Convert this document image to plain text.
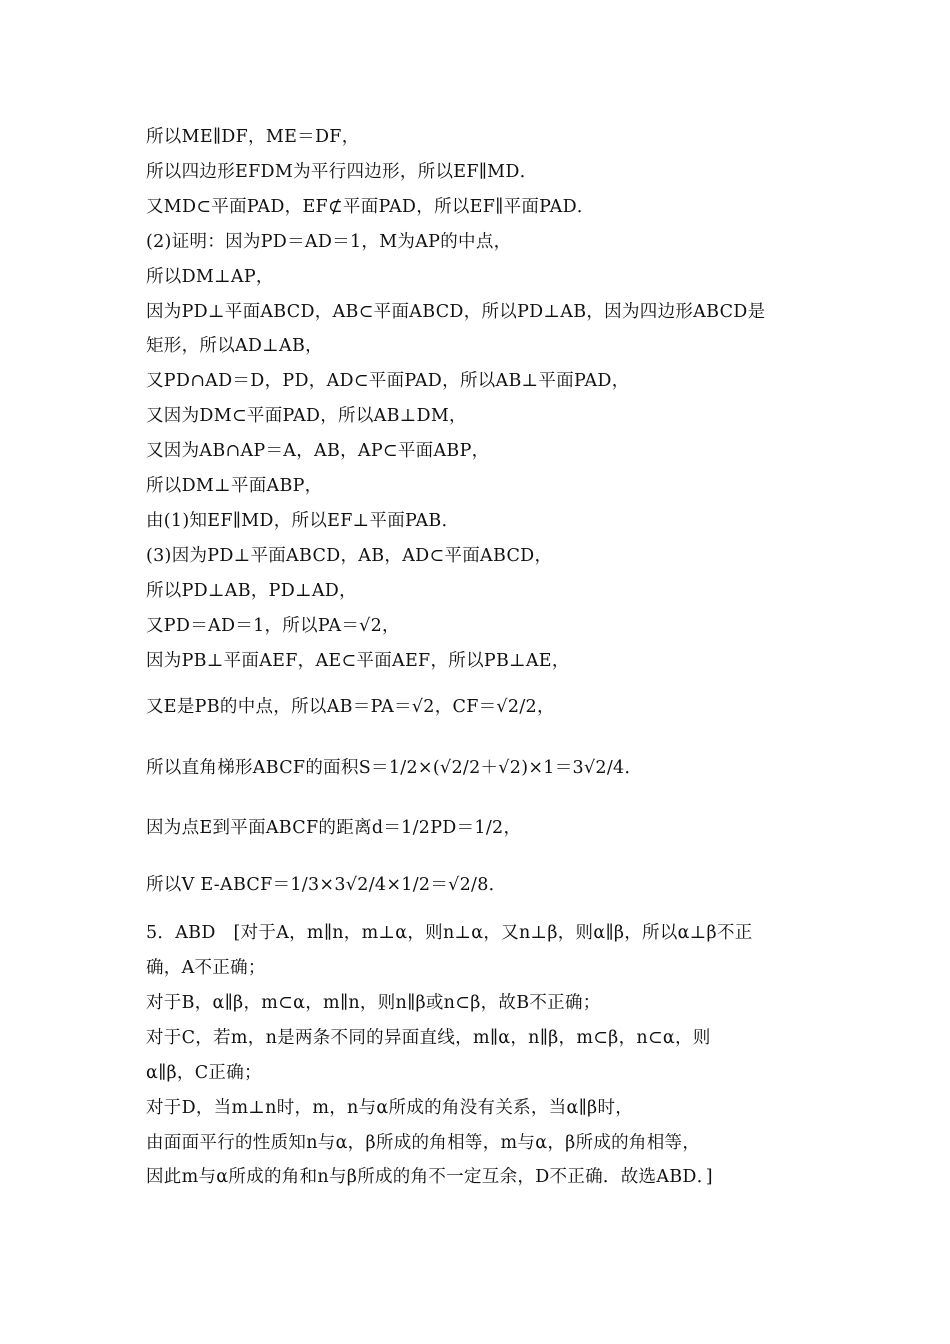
所以ME∥DF，ME＝DF，
所以四边形EFDM为平行四边形，所以EF∥MD．
又MD⊂平面PAD，EF⊄平面PAD，所以EF∥平面PAD．
(2)证明：因为PD＝AD＝1，M为AP的中点，
所以DM⊥AP，
因为PD⊥平面ABCD，AB⊂平面ABCD，所以PD⊥AB，因为四边形ABCD是
矩形，所以AD⊥AB，
又PD∩AD＝D，PD，AD⊂平面PAD，所以AB⊥平面PAD，
又因为DM⊂平面PAD，所以AB⊥DM，
又因为AB∩AP＝A，AB，AP⊂平面ABP，
所以DM⊥平面ABP，
由(1)知EF∥MD，所以EF⊥平面PAB．
(3)因为PD⊥平面ABCD，AB，AD⊂平面ABCD，
所以PD⊥AB，PD⊥AD，
又PD＝AD＝1，所以PA＝√2，
因为PB⊥平面AEF，AE⊂平面AEF，所以PB⊥AE，
又E是PB的中点，所以AB＝PA＝√2，CF＝√2/2，
所以直角梯形ABCF的面积S＝1/2×(√2/2＋√2)×1＝3√2/4．
因为点E到平面ABCF的距离d＝1/2PD＝1/2，
所以V E-ABCF＝1/3×3√2/4×1/2＝√2/8．
5．ABD　[对于A，m∥n，m⊥α，则n⊥α，又n⊥β，则α∥β，所以α⊥β不正
确，A不正确；
对于B，α∥β，m⊂α，m∥n，则n∥β或n⊂β，故B不正确；
对于C，若m，n是两条不同的异面直线，m∥α，n∥β，m⊂β，n⊂α，则
α∥β，C正确；
对于D，当m⊥n时，m，n与α所成的角没有关系，当α∥β时，
由面面平行的性质知n与α，β所成的角相等，m与α，β所成的角相等，
因此m与α所成的角和n与β所成的角不一定互余，D不正确．故选ABD．]
